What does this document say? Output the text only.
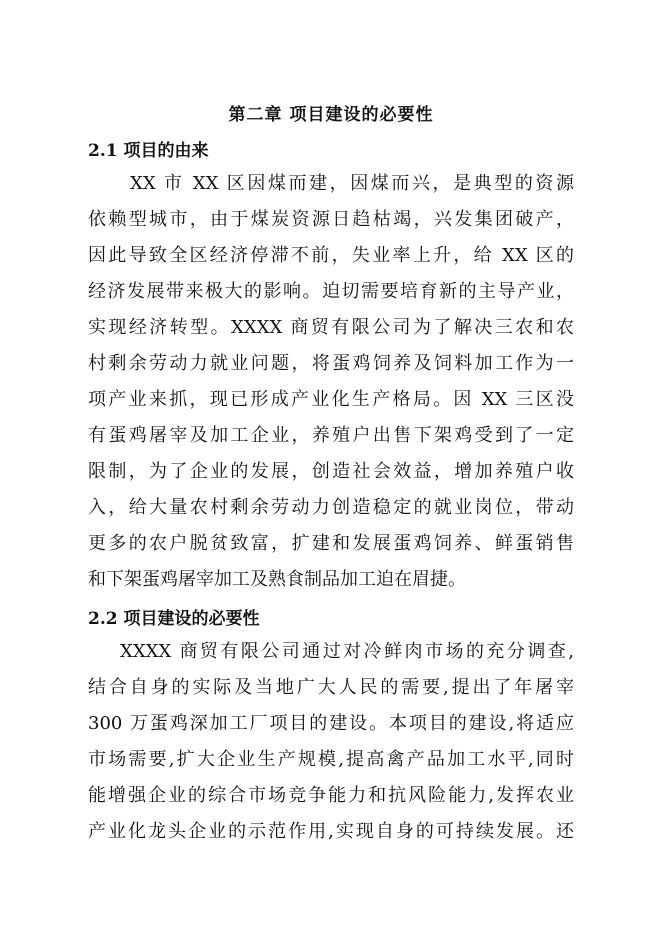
第二章 项目建设的必要性
2.1 项目的由来

XX 市 XX 区因煤而建，因煤而兴，是典型的资源

依赖型城市，由于煤炭资源日趋枯竭，兴发集团破产，

因此导致全区经济停滞不前，失业率上升，给 XX 区的

经济发展带来极大的影响。迫切需要培育新的主导产业，

实现经济转型。XXXX 商贸有限公司为了解决三农和农

村剩余劳动力就业问题，将蛋鸡饲养及饲料加工作为一

项产业来抓，现已形成产业化生产格局。因 XX 三区没

有蛋鸡屠宰及加工企业，养殖户出售下架鸡受到了一定

限制，为了企业的发展，创造社会效益，增加养殖户收

入，给大量农村剩余劳动力创造稳定的就业岗位，带动

更多的农户脱贫致富，扩建和发展蛋鸡饲养、鲜蛋销售

和下架蛋鸡屠宰加工及熟食制品加工迫在眉捷。

2.2 项目建设的必要性

XXXX 商贸有限公司通过对冷鲜肉市场的充分调查,

结合自身的实际及当地广大人民的需要,提出了年屠宰

300 万蛋鸡深加工厂项目的建设。本项目的建设,将适应

市场需要,扩大企业生产规模,提高禽产品加工水平,同时

能增强企业的综合市场竞争能力和抗风险能力,发挥农业

产业化龙头企业的示范作用,实现自身的可持续发展。还
